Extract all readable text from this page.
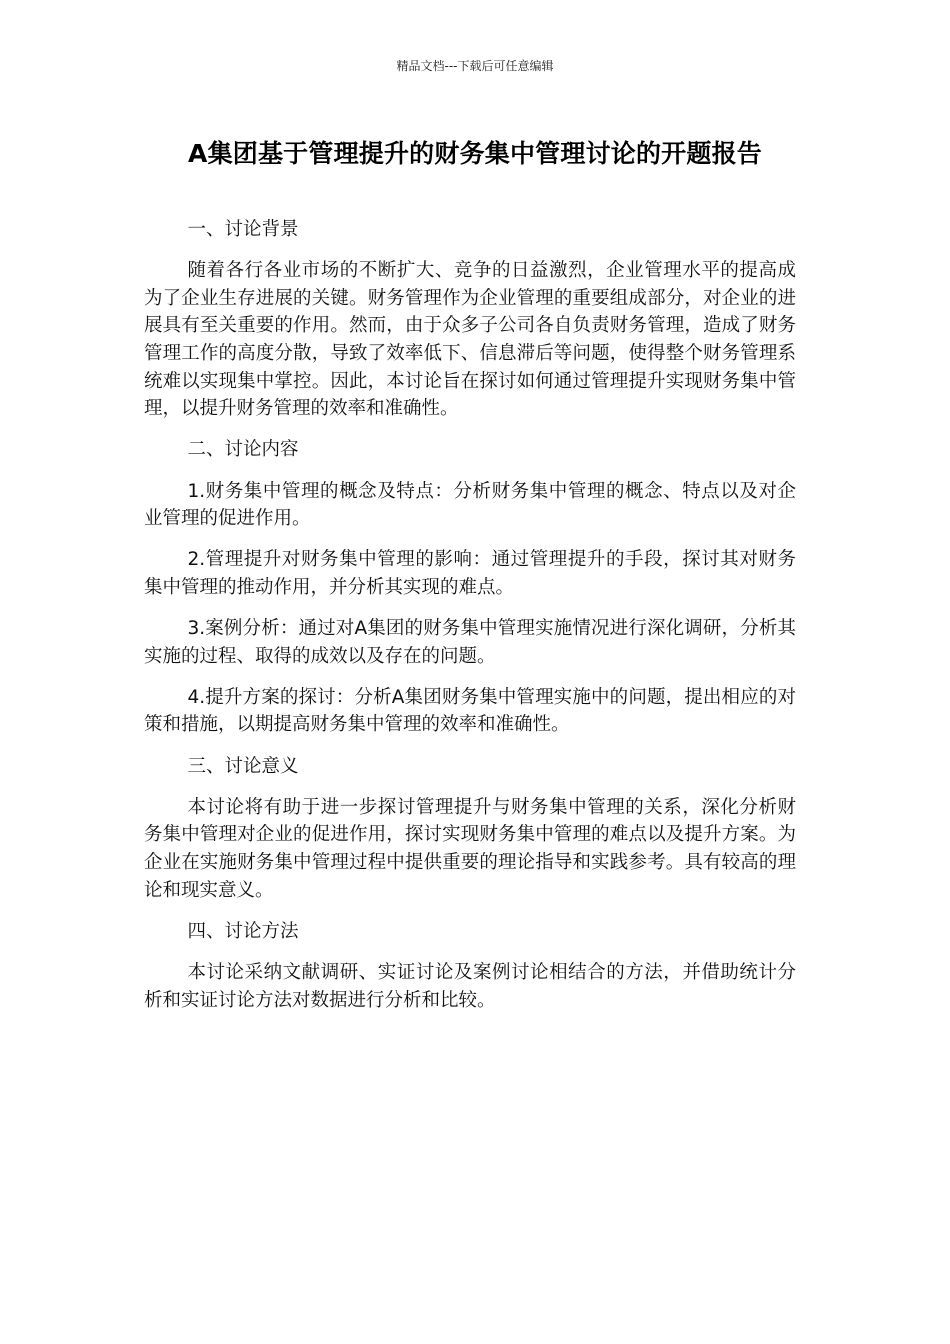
精品文档---下载后可任意编辑
A集团基于管理提升的财务集中管理讨论的开题报告

一、讨论背景

随着各行各业市场的不断扩大、竞争的日益激烈，企业管理水平的提高成为了企业生存进展的关键。财务管理作为企业管理的重要组成部分，对企业的进展具有至关重要的作用。然而，由于众多子公司各自负责财务管理，造成了财务管理工作的高度分散，导致了效率低下、信息滞后等问题，使得整个财务管理系统难以实现集中掌控。因此，本讨论旨在探讨如何通过管理提升实现财务集中管理，以提升财务管理的效率和准确性。

二、讨论内容

1.财务集中管理的概念及特点：分析财务集中管理的概念、特点以及对企业管理的促进作用。

2.管理提升对财务集中管理的影响：通过管理提升的手段，探讨其对财务集中管理的推动作用，并分析其实现的难点。

3.案例分析：通过对A集团的财务集中管理实施情况进行深化调研，分析其实施的过程、取得的成效以及存在的问题。

4.提升方案的探讨：分析A集团财务集中管理实施中的问题，提出相应的对策和措施，以期提高财务集中管理的效率和准确性。

三、讨论意义

本讨论将有助于进一步探讨管理提升与财务集中管理的关系，深化分析财务集中管理对企业的促进作用，探讨实现财务集中管理的难点以及提升方案。为企业在实施财务集中管理过程中提供重要的理论指导和实践参考。具有较高的理论和现实意义。

四、讨论方法

本讨论采纳文献调研、实证讨论及案例讨论相结合的方法，并借助统计分析和实证讨论方法对数据进行分析和比较。
